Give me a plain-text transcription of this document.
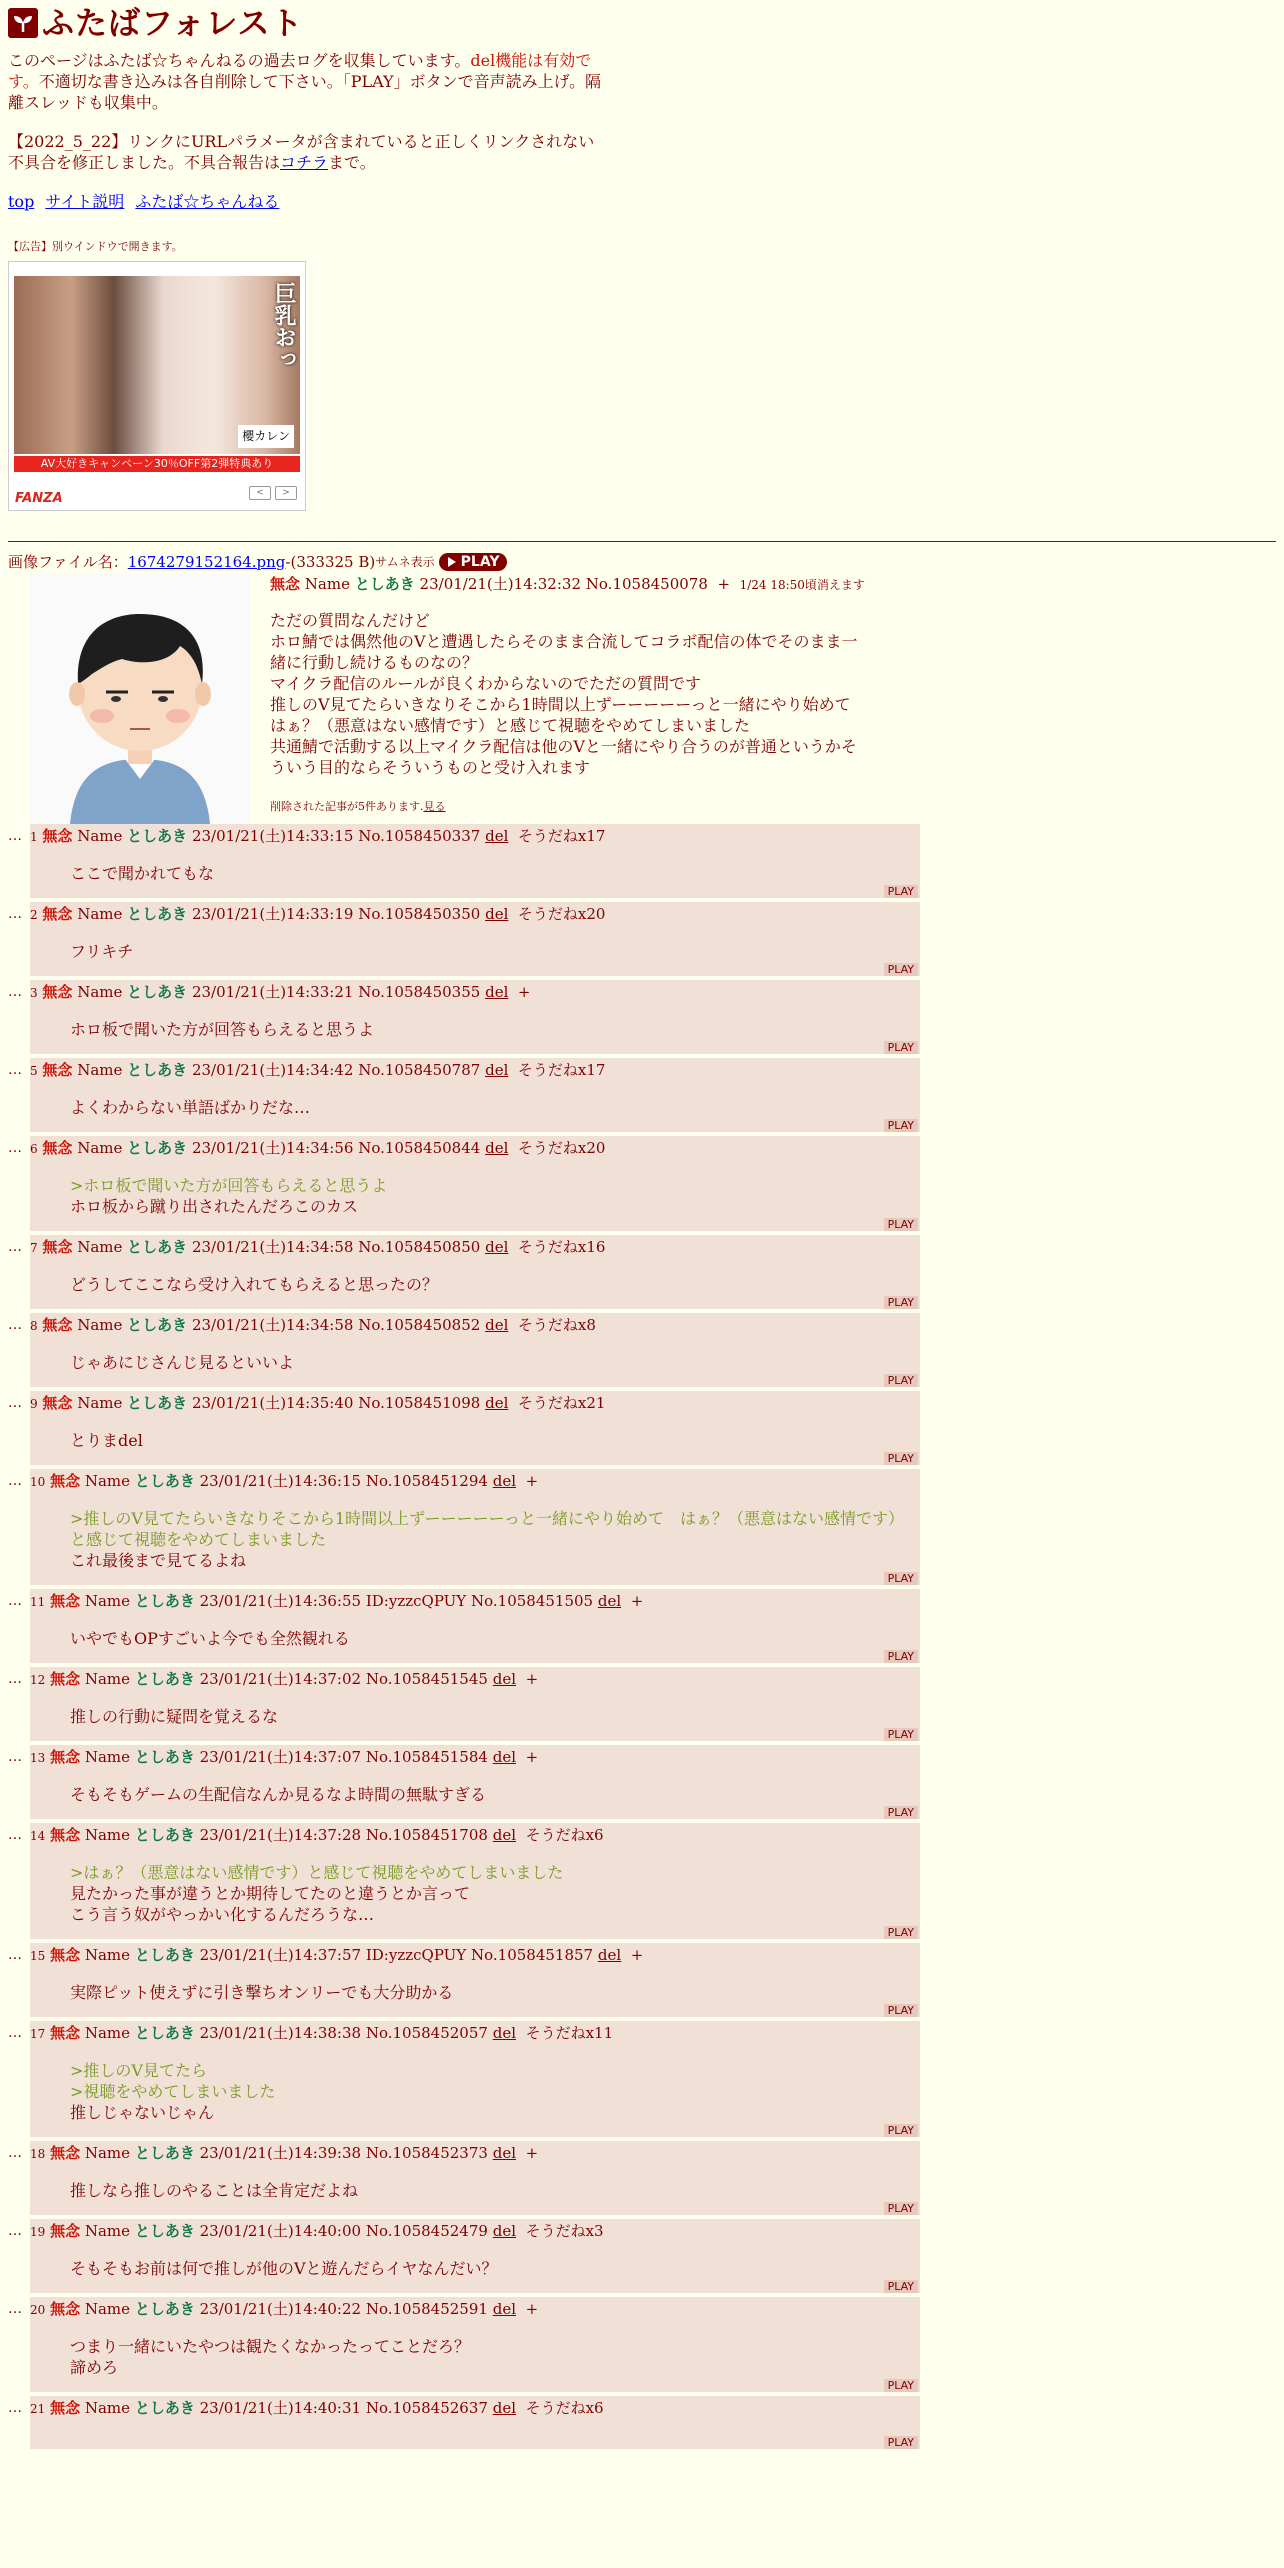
ふたばフォレスト
このページはふたば☆ちゃんねるの過去ログを収集しています。del機能は有効です。不適切な書き込みは各自削除して下さい。「PLAY」ボタンで音声読み上げ。隔離スレッドも収集中。
【2022_5_22】リンクにURLパラメータが含まれていると正しくリンクされない不具合を修正しました。不具合報告はコチラまで。
top サイト説明 ふたば☆ちゃんねる
【広告】別ウインドウで開きます。
巨乳おっ
櫻カレン
AV大好きキャンペーン30％OFF第2弾特典あり
FANZA	<	>
画像ファイル名： 1674279152164.png -(333325 B) サムネ表示 PLAY
無念 Name としあき 23/01/21(土)14:32:32 No.1058450078 + 1/24 18:50頃消えます
ただの質問なんだけど
ホロ鯖では偶然他のVと遭遇したらそのまま合流してコラボ配信の体でそのまま一緒に行動し続けるものなの？
マイクラ配信のルールが良くわからないのでただの質問です
推しのV見てたらいきなりそこから1時間以上ずーーーーーっと一緒にやり始めて　はぁ？（悪意はない感情です）と感じて視聴をやめてしまいました
共通鯖で活動する以上マイクラ配信は他のVと一緒にやり合うのが普通というかそういう目的ならそういうものと受け入れます
削除された記事が5件あります.見る
… 1 無念 Name としあき 23/01/21(土)14:33:15 No.1058450337 del そうだねx17
ここで聞かれてもな
PLAY
… 2 無念 Name としあき 23/01/21(土)14:33:19 No.1058450350 del そうだねx20
フリキチ
PLAY
… 3 無念 Name としあき 23/01/21(土)14:33:21 No.1058450355 del +
ホロ板で聞いた方が回答もらえると思うよ
PLAY
… 5 無念 Name としあき 23/01/21(土)14:34:42 No.1058450787 del そうだねx17
よくわからない単語ばかりだな…
PLAY
… 6 無念 Name としあき 23/01/21(土)14:34:56 No.1058450844 del そうだねx20
>ホロ板で聞いた方が回答もらえると思うよ
ホロ板から蹴り出されたんだろこのカス
PLAY
… 7 無念 Name としあき 23/01/21(土)14:34:58 No.1058450850 del そうだねx16
どうしてここなら受け入れてもらえると思ったの？
PLAY
… 8 無念 Name としあき 23/01/21(土)14:34:58 No.1058450852 del そうだねx8
じゃあにじさんじ見るといいよ
PLAY
… 9 無念 Name としあき 23/01/21(土)14:35:40 No.1058451098 del そうだねx21
とりまdel
PLAY
… 10 無念 Name としあき 23/01/21(土)14:36:15 No.1058451294 del +
>推しのV見てたらいきなりそこから1時間以上ずーーーーーっと一緒にやり始めて　はぁ？（悪意はない感情です）と感じて視聴をやめてしまいました
これ最後まで見てるよね
PLAY
… 11 無念 Name としあき 23/01/21(土)14:36:55 ID:yzzcQPUY No.1058451505 del +
いやでもOPすごいよ今でも全然観れる
PLAY
… 12 無念 Name としあき 23/01/21(土)14:37:02 No.1058451545 del +
推しの行動に疑問を覚えるな
PLAY
… 13 無念 Name としあき 23/01/21(土)14:37:07 No.1058451584 del +
そもそもゲームの生配信なんか見るなよ時間の無駄すぎる
PLAY
… 14 無念 Name としあき 23/01/21(土)14:37:28 No.1058451708 del そうだねx6
>はぁ？（悪意はない感情です）と感じて視聴をやめてしまいました
見たかった事が違うとか期待してたのと違うとか言って
こう言う奴がやっかい化するんだろうな…
PLAY
… 15 無念 Name としあき 23/01/21(土)14:37:57 ID:yzzcQPUY No.1058451857 del +
実際ピット使えずに引き撃ちオンリーでも大分助かる
PLAY
… 17 無念 Name としあき 23/01/21(土)14:38:38 No.1058452057 del そうだねx11
>推しのV見てたら
>視聴をやめてしまいました
推しじゃないじゃん
PLAY
… 18 無念 Name としあき 23/01/21(土)14:39:38 No.1058452373 del +
推しなら推しのやることは全肯定だよね
PLAY
… 19 無念 Name としあき 23/01/21(土)14:40:00 No.1058452479 del そうだねx3
そもそもお前は何で推しが他のVと遊んだらイヤなんだい？
PLAY
… 20 無念 Name としあき 23/01/21(土)14:40:22 No.1058452591 del +
つまり一緒にいたやつは観たくなかったってことだろ？
諦めろ
PLAY
… 21 無念 Name としあき 23/01/21(土)14:40:31 No.1058452637 del そうだねx6
PLAY
